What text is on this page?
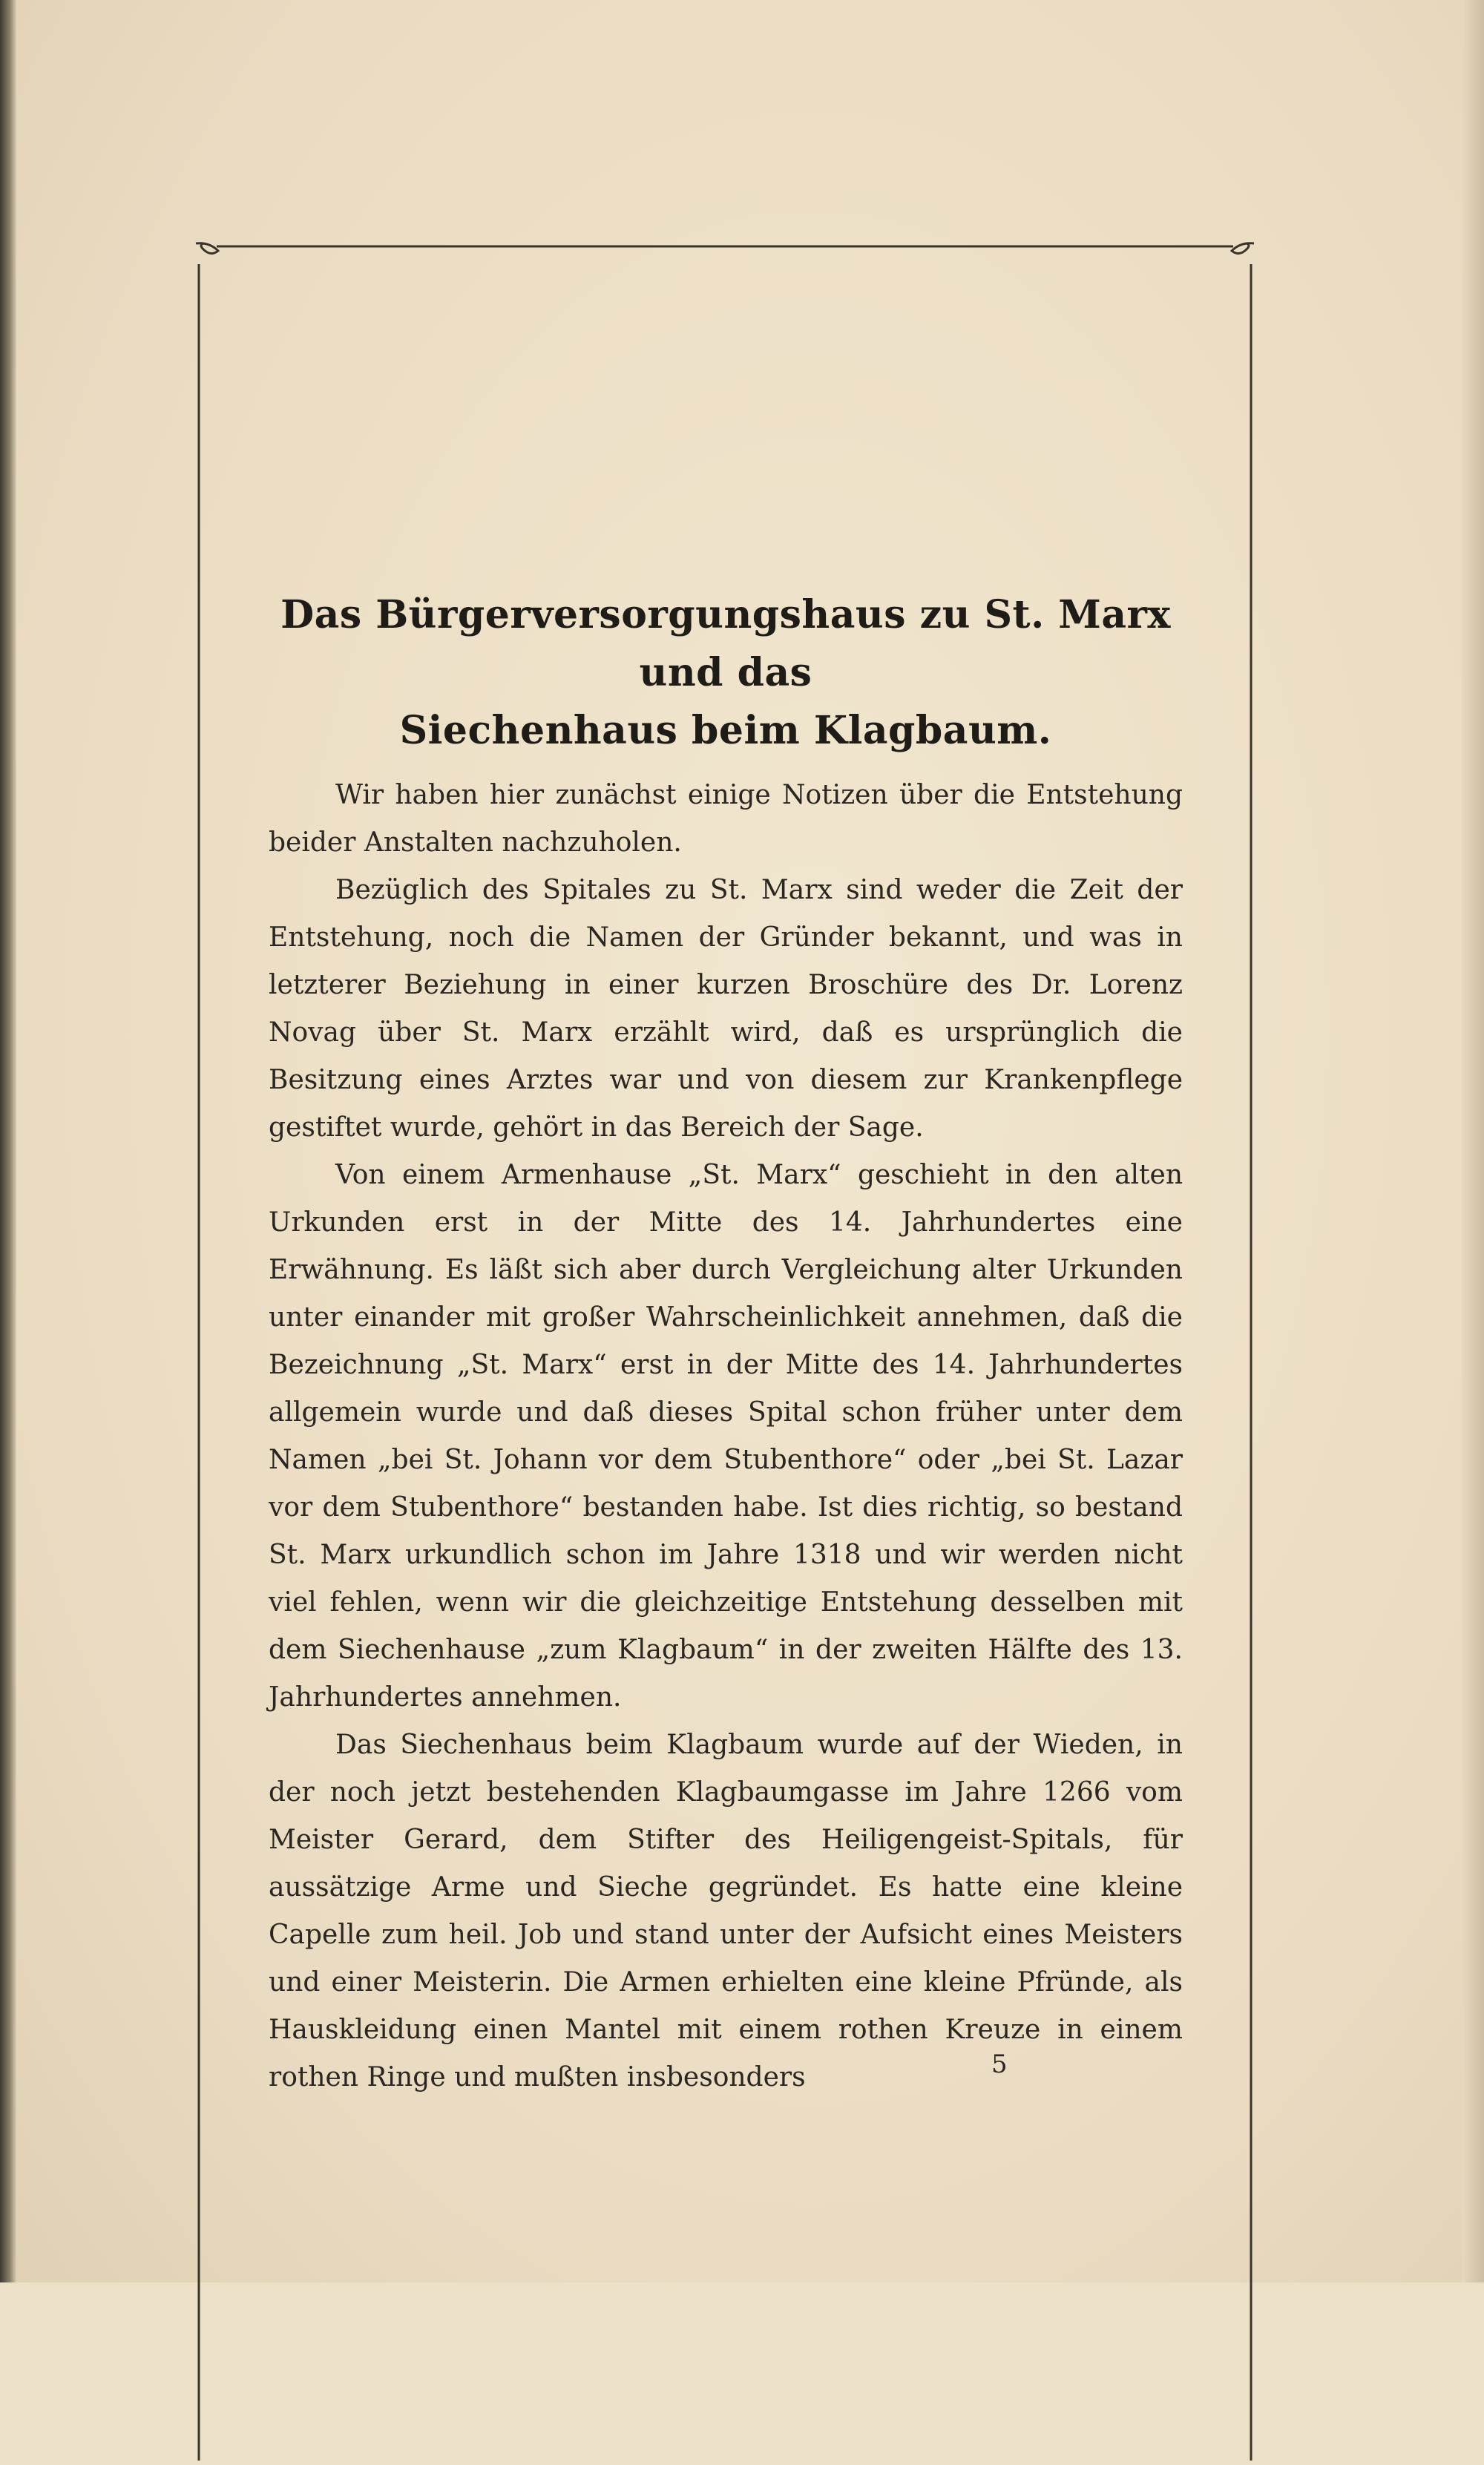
Das Bürgerversorgungshaus zu St. Marx und das
Siechenhaus beim Klagbaum.

Wir haben hier zunächst einige Notizen über die Entstehung beider Anstalten nachzuholen.

Bezüglich des Spitales zu St. Marx sind weder die Zeit der Entstehung, noch die Namen der Gründer bekannt, und was in letzterer Beziehung in einer kurzen Broschüre des Dr. Lorenz Novag über St. Marx erzählt wird, daß es ursprünglich die Besitzung eines Arztes war und von diesem zur Krankenpflege gestiftet wurde, gehört in das Bereich der Sage.

Von einem Armenhause „St. Marx“ geschieht in den alten Urkunden erst in der Mitte des 14. Jahrhundertes eine Erwähnung. Es läßt sich aber durch Vergleichung alter Urkunden unter einander mit großer Wahrscheinlichkeit annehmen, daß die Bezeichnung „St. Marx“ erst in der Mitte des 14. Jahrhundertes allgemein wurde und daß dieses Spital schon früher unter dem Namen „bei St. Johann vor dem Stubenthore“ oder „bei St. Lazar vor dem Stubenthore“ bestanden habe. Ist dies richtig, so bestand St. Marx urkundlich schon im Jahre 1318 und wir werden nicht viel fehlen, wenn wir die gleichzeitige Entstehung desselben mit dem Siechenhause „zum Klagbaum“ in der zweiten Hälfte des 13. Jahrhundertes annehmen.

Das Siechenhaus beim Klagbaum wurde auf der Wieden, in der noch jetzt bestehenden Klagbaumgasse im Jahre 1266 vom Meister Gerard, dem Stifter des Heiligengeist-Spitals, für aussätzige Arme und Sieche gegründet. Es hatte eine kleine Capelle zum heil. Job und stand unter der Aufsicht eines Meisters und einer Meisterin. Die Armen erhielten eine kleine Pfründe, als Hauskleidung einen Mantel mit einem rothen Kreuze in einem rothen Ringe und mußten insbesonders	5
